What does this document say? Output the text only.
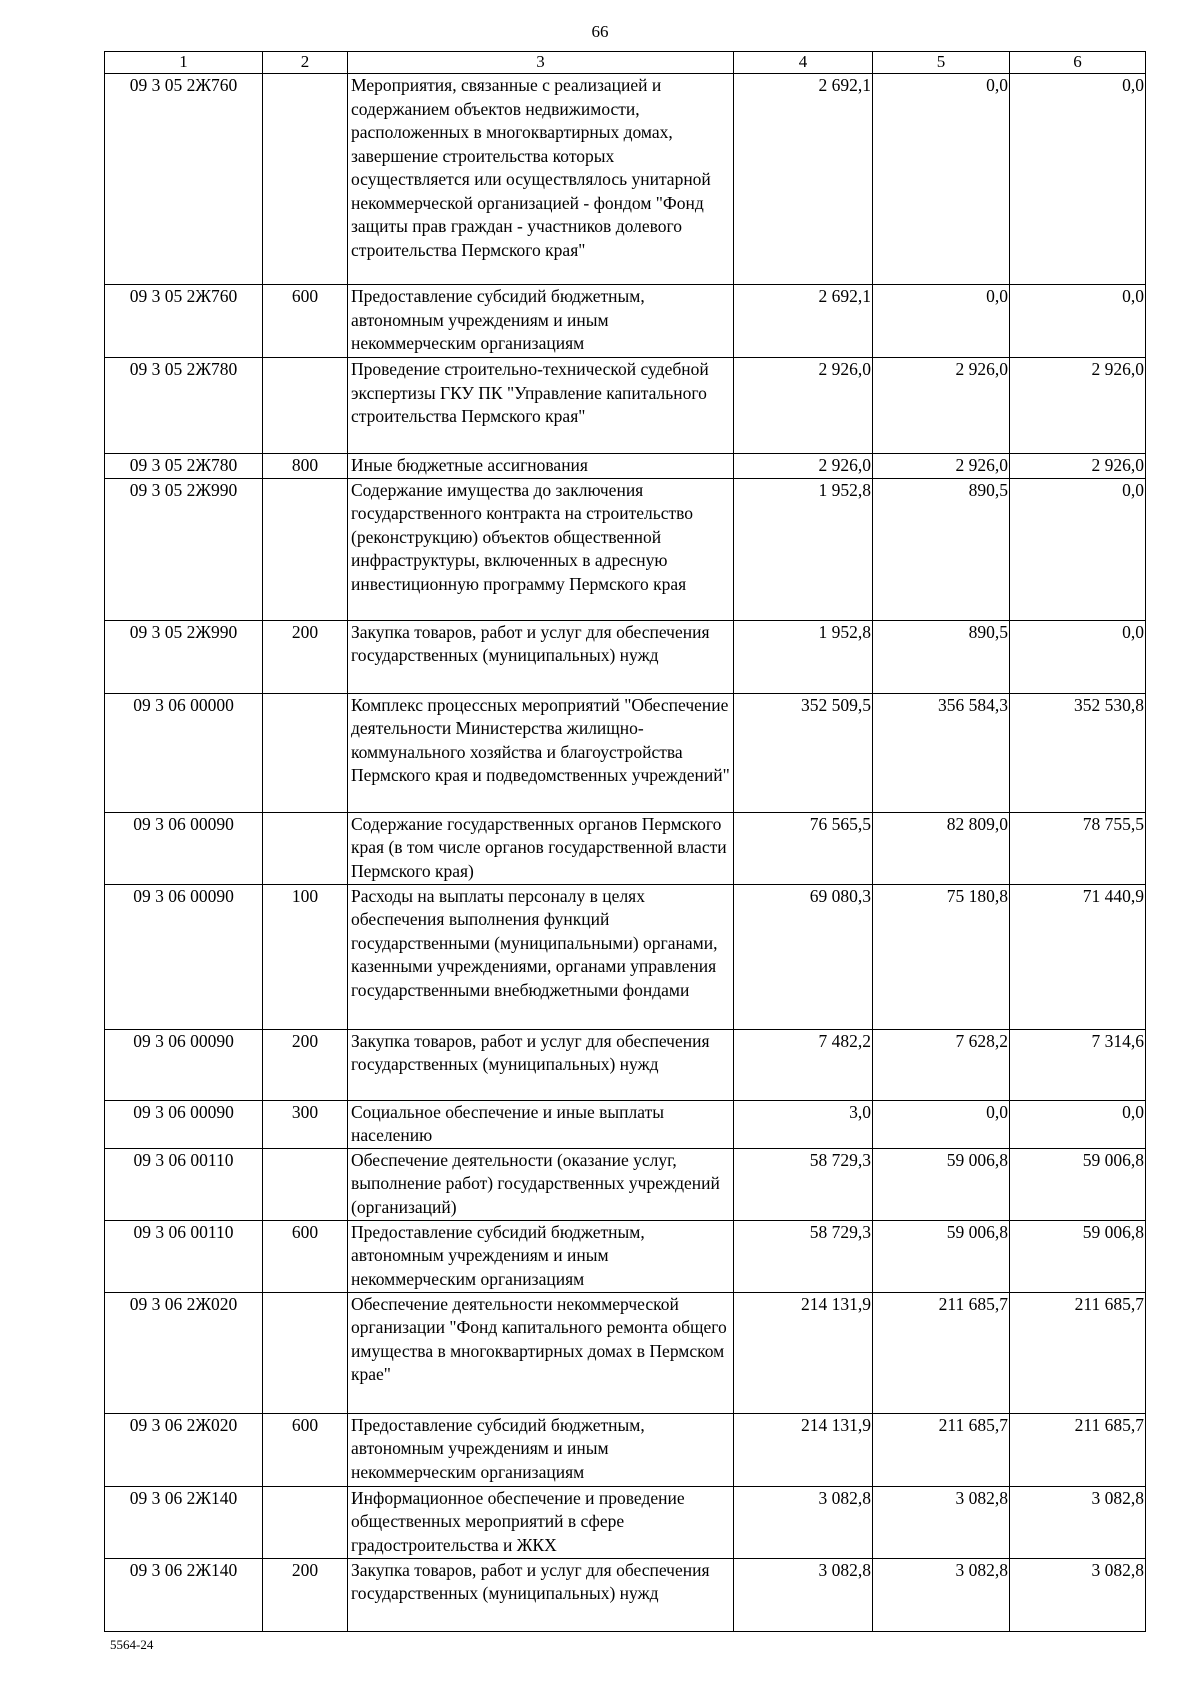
66
1	2	3	4	5	6
09 3 05 2Ж760		Мероприятия, связанные с реализацией и содержанием объектов недвижимости, расположенных в многоквартирных домах, завершение строительства которых осуществляется или осуществлялось унитарной некоммерческой организацией - фондом "Фонд защиты прав граждан - участников долевого строительства Пермского края"	2 692,1	0,0	0,0
09 3 05 2Ж760	600	Предоставление субсидий бюджетным, автономным учреждениям и иным некоммерческим организациям	2 692,1	0,0	0,0
09 3 05 2Ж780		Проведение строительно-технической судебной экспертизы ГКУ ПК "Управление капитального строительства Пермского края"	2 926,0	2 926,0	2 926,0
09 3 05 2Ж780	800	Иные бюджетные ассигнования	2 926,0	2 926,0	2 926,0
09 3 05 2Ж990		Содержание имущества до заключения государственного контракта на строительство (реконструкцию) объектов общественной инфраструктуры, включенных в адресную инвестиционную программу Пермского края	1 952,8	890,5	0,0
09 3 05 2Ж990	200	Закупка товаров, работ и услуг для обеспечения государственных (муниципальных) нужд	1 952,8	890,5	0,0
09 3 06 00000		Комплекс процессных мероприятий "Обеспечение деятельности Министерства жилищно-коммунального хозяйства и благоустройства Пермского края и подведомственных учреждений"	352 509,5	356 584,3	352 530,8
09 3 06 00090		Содержание государственных органов Пермского края (в том числе органов государственной власти Пермского края)	76 565,5	82 809,0	78 755,5
09 3 06 00090	100	Расходы на выплаты персоналу в целях обеспечения выполнения функций государственными (муниципальными) органами, казенными учреждениями, органами управления государственными внебюджетными фондами	69 080,3	75 180,8	71 440,9
09 3 06 00090	200	Закупка товаров, работ и услуг для обеспечения государственных (муниципальных) нужд	7 482,2	7 628,2	7 314,6
09 3 06 00090	300	Социальное обеспечение и иные выплаты населению	3,0	0,0	0,0
09 3 06 00110		Обеспечение деятельности (оказание услуг, выполнение работ) государственных учреждений (организаций)	58 729,3	59 006,8	59 006,8
09 3 06 00110	600	Предоставление субсидий бюджетным, автономным учреждениям и иным некоммерческим организациям	58 729,3	59 006,8	59 006,8
09 3 06 2Ж020		Обеспечение деятельности некоммерческой организации "Фонд капитального ремонта общего имущества в многоквартирных домах в Пермском крае"	214 131,9	211 685,7	211 685,7
09 3 06 2Ж020	600	Предоставление субсидий бюджетным, автономным учреждениям и иным некоммерческим организациям	214 131,9	211 685,7	211 685,7
09 3 06 2Ж140		Информационное обеспечение и проведение общественных мероприятий в сфере градостроительства и ЖКХ	3 082,8	3 082,8	3 082,8
09 3 06 2Ж140	200	Закупка товаров, работ и услуг для обеспечения государственных (муниципальных) нужд	3 082,8	3 082,8	3 082,8
5564-24
